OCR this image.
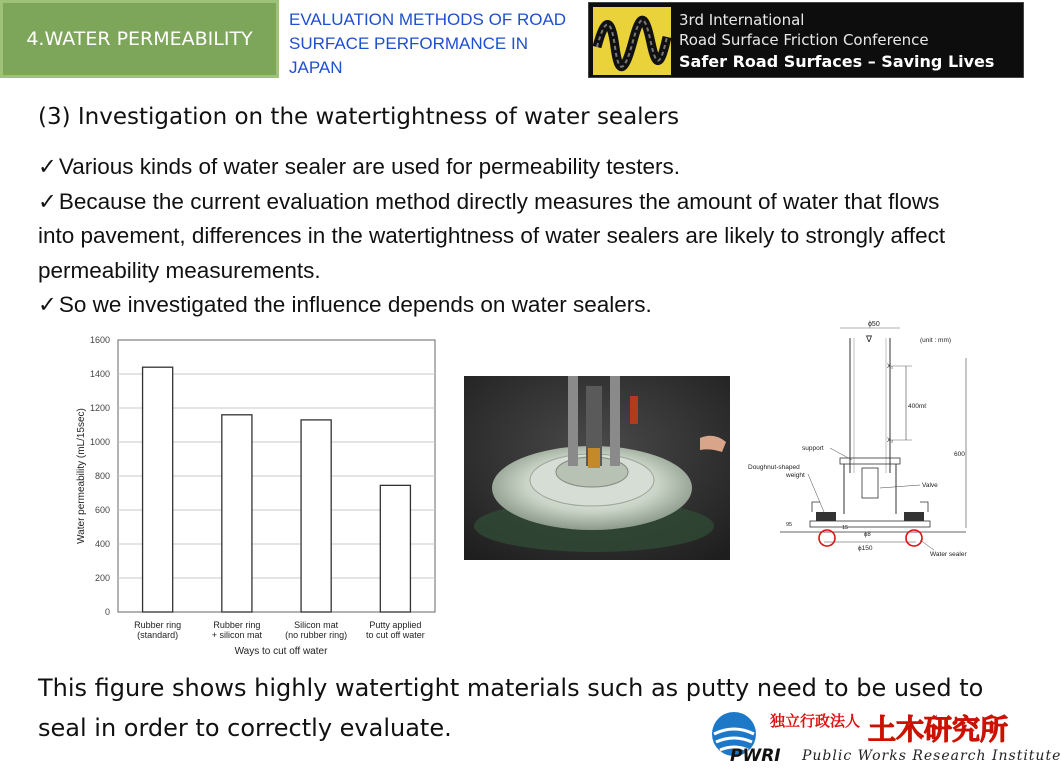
4.WATER PERMEABILITY
EVALUATION METHODS OF ROAD SURFACE PERFORMANCE IN JAPAN
3rd International
Road Surface Friction Conference
Safer Road Surfaces – Saving Lives
(3) Investigation on the watertightness of water sealers
✓Various kinds of water sealer are used for permeability testers.
✓Because the current evaluation method directly measures the amount of water that flows into pavement, differences in the watertightness of water sealers are likely to strongly affect permeability measurements.
✓So we investigated the influence depends on water sealers.
0
200
400
600
800
1000
1200
1400
1600
Rubber ring
(standard)
Rubber ring
+ silicon mat
Silicon mat
(no rubber ring)
Putty applied
to cut off water
Ways to cut off water
Water permeability (mL/15sec)
ϕ50
∇
X₁
X₂
400mℓ
600
(unit : mm)
ϕ150
ϕ8
15
95
support
Doughnut-shaped
weight
Valve
Water sealer
This figure shows highly watertight materials such as putty need to be used to seal in order to correctly evaluate.	独立行政法人 土木研究所
PWRI Public Works Research Institute
